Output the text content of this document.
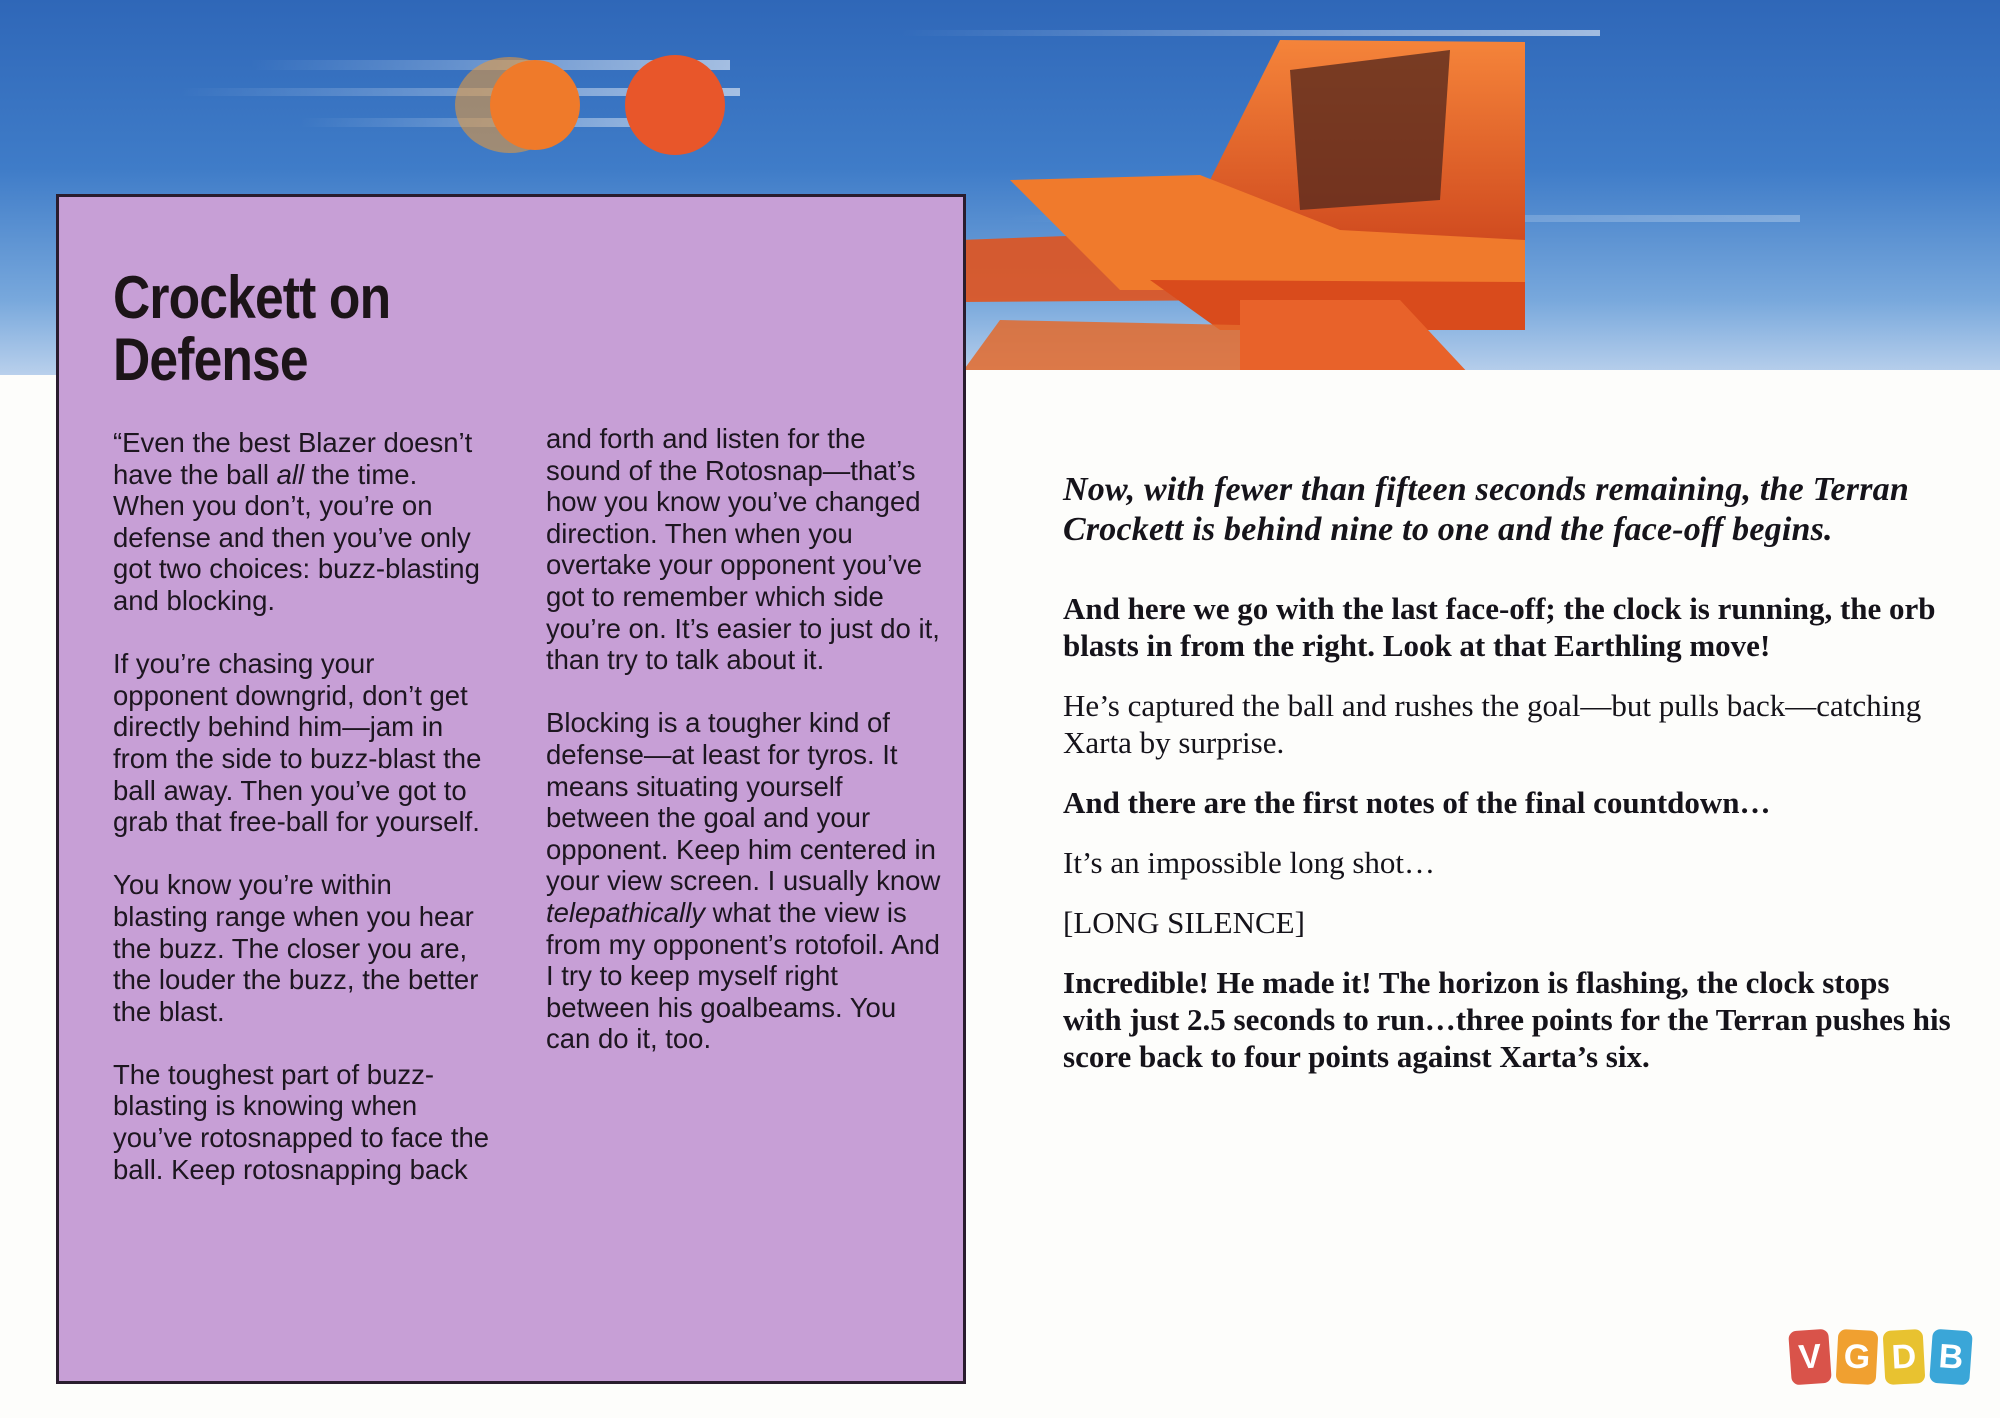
Crockett on Defense

“Even the best Blazer doesn’t have the ball all the time. When you don’t, you’re on defense and then you’ve only got two choices: buzz-blasting and blocking.

If you’re chasing your opponent downgrid, don’t get directly behind him—jam in from the side to buzz-blast the ball away. Then you’ve got to grab that free-ball for yourself.

You know you’re within blasting range when you hear the buzz. The closer you are, the louder the buzz, the better the blast.

The toughest part of buzz-blasting is knowing when you’ve rotosnapped to face the ball. Keep rotosnapping back

and forth and listen for the sound of the Rotosnap—that’s how you know you’ve changed direction. Then when you overtake your opponent you’ve got to remember which side you’re on. It’s easier to just do it, than try to talk about it.

Blocking is a tougher kind of defense—at least for tyros. It means situating yourself between the goal and your opponent. Keep him centered in your view screen. I usually know telepathically what the view is from my opponent’s rotofoil. And I try to keep myself right between his goalbeams. You can do it, too.

Now, with fewer than fifteen seconds remaining, the Terran Crockett is behind nine to one and the face-off begins.

And here we go with the last face-off; the clock is running, the orb blasts in from the right. Look at that Earthling move!

He’s captured the ball and rushes the goal—but pulls back—catching Xarta by surprise.

And there are the first notes of the final countdown…

It’s an impossible long shot…

[LONG SILENCE]

Incredible! He made it! The horizon is flashing, the clock stops with just 2.5 seconds to run…three points for the Terran pushes his score back to four points against Xarta’s six.

V G D B
